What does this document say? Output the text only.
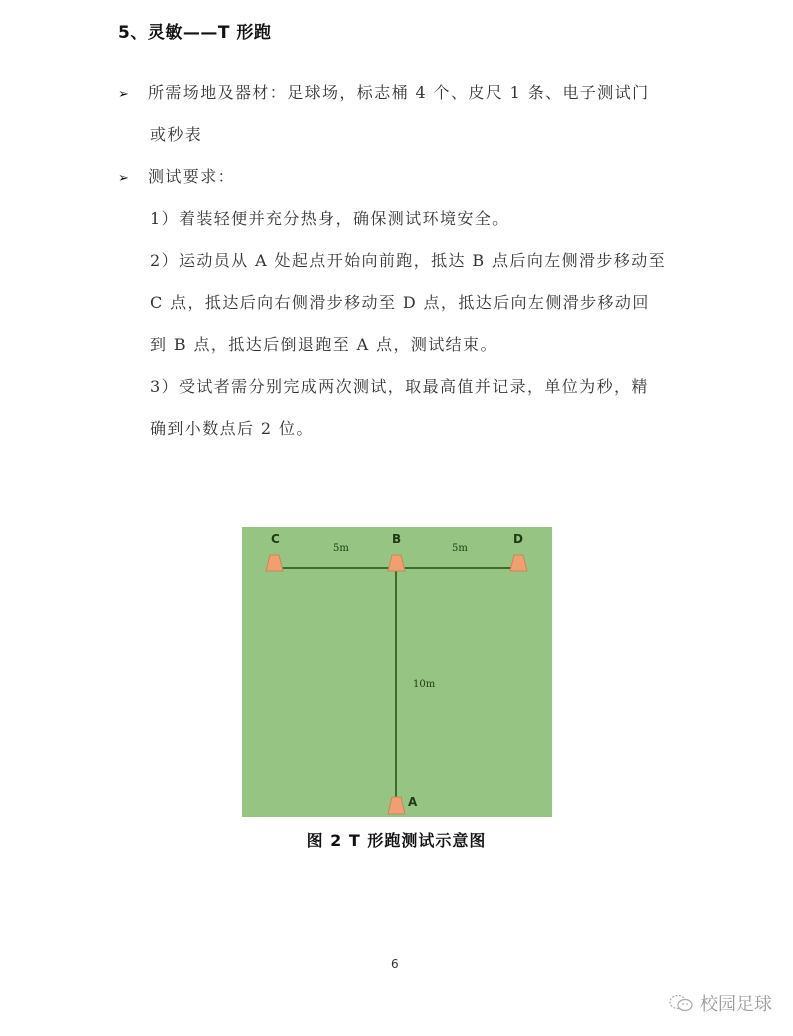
5、灵敏——T 形跑
➢ 所需场地及器材：足球场，标志桶 4 个、皮尺 1 条、电子测试门
或秒表
➢ 测试要求：
1）着装轻便并充分热身，确保测试环境安全。
2）运动员从 A 处起点开始向前跑，抵达 B 点后向左侧滑步移动至
C 点，抵达后向右侧滑步移动至 D 点，抵达后向左侧滑步移动回
到 B 点，抵达后倒退跑至 A 点，测试结束。
3）受试者需分别完成两次测试，取最高值并记录，单位为秒，精
确到小数点后 2 位。
C	B	D
A
5m	5m
10m
图 2 T 形跑测试示意图
6
校园足球
